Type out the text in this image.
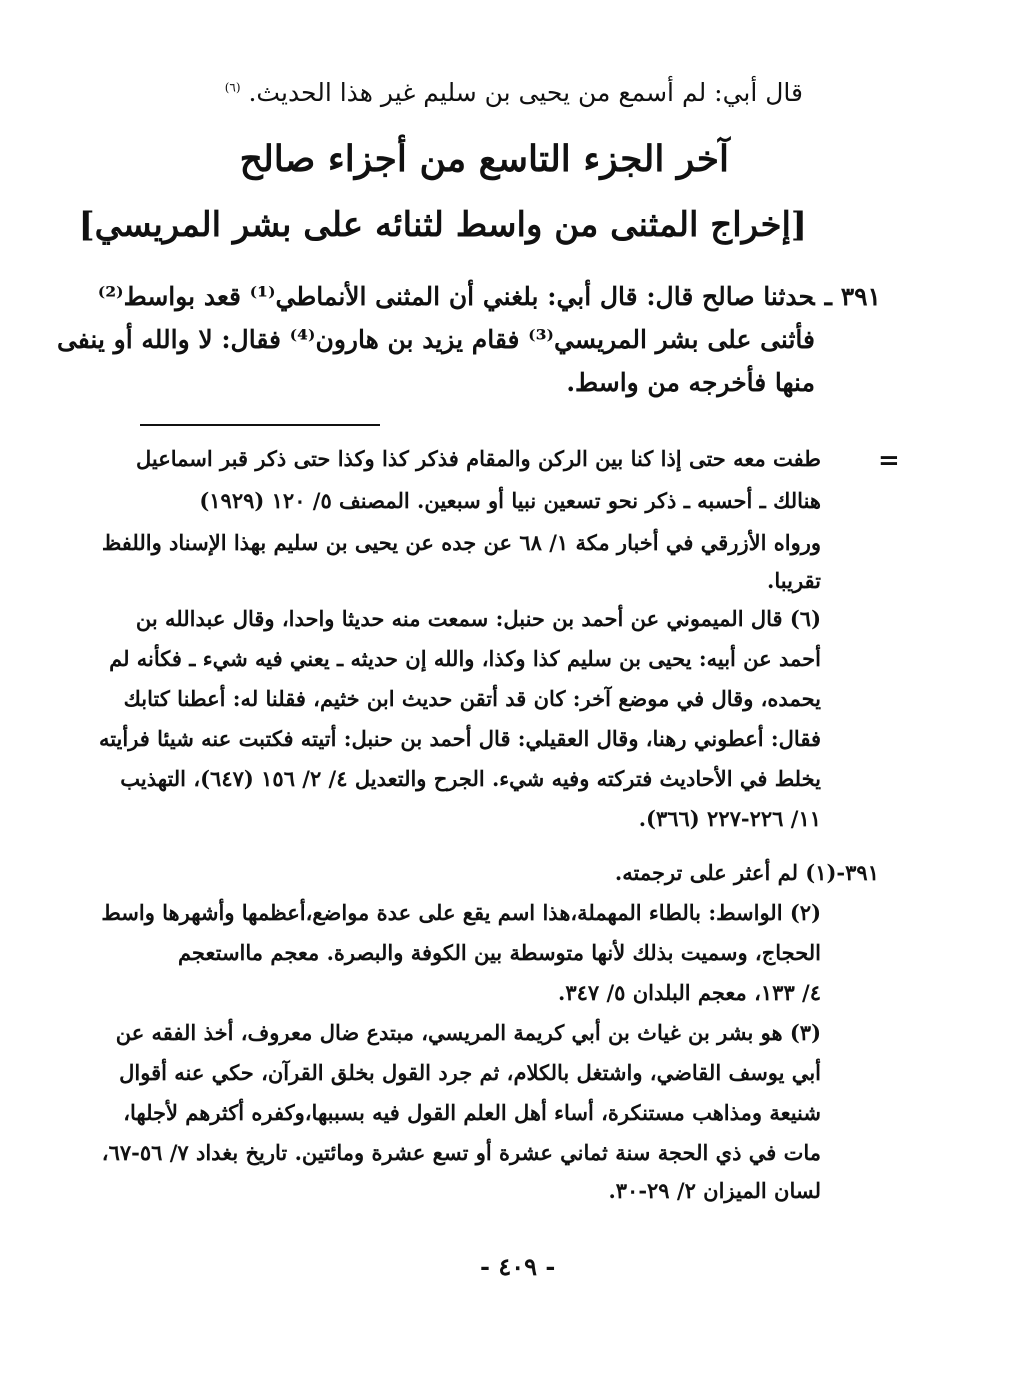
قال أبي: لم أسمع من يحيى بن سليم غير هذا الحديث. $^{(٦)}$
آخر الجزء التاسع من أجزاء صالح
[إخراج المثنى من واسط لثنائه على بشر المريسي]
٣٩١ ـحدثنا صالح قال: قال أبي: بلغني أن المثنى الأنماطي⁽¹⁾ قعد بواسط⁽²⁾
فأثنى على بشر المريسي⁽³⁾ فقام يزيد بن هارون⁽⁴⁾ فقال: لا والله أو ينفى
منها فأخرجه من واسط.
=
طفت معه حتى إذا كنا بين الركن والمقام فذكر كذا وكذا حتى ذكر قبر اسماعيل
هنالك ـ أحسبه ـ ذكر نحو تسعين نبيا أو سبعين. المصنف ٥/ ١٢٠ (١٩٢٩)
ورواه الأزرقي في أخبار مكة ١/ ٦٨ عن جده عن يحيى بن سليم بهذا الإسناد واللفظ
تقريبا.
(٦) قال الميموني عن أحمد بن حنبل: سمعت منه حديثا واحدا، وقال عبدالله بن
أحمد عن أبيه: يحيى بن سليم كذا وكذا، والله إن حديثه ـ يعني فيه شيء ـ فكأنه لم
يحمده، وقال في موضع آخر: كان قد أتقن حديث ابن خثيم، فقلنا له: أعطنا كتابك
فقال: أعطوني رهنا، وقال العقيلي: قال أحمد بن حنبل: أتيته فكتبت عنه شيئا فرأيته
يخلط في الأحاديث فتركته وفيه شيء. الجرح والتعديل ٤/ ٢/ ١٥٦ (٦٤٧)، التهذيب
١١/ ٢٢٦-٢٢٧ (٣٦٦).
٣٩١-(١) لم أعثر على ترجمته.
(٢) الواسط: بالطاء المهملة،هذا اسم يقع على عدة مواضع،أعظمها وأشهرها واسط
الحجاج، وسميت بذلك لأنها متوسطة بين الكوفة والبصرة. معجم مااستعجم
٤/ ١٣٣، معجم البلدان ٥/ ٣٤٧.
(٣) هو بشر بن غياث بن أبي كريمة المريسي، مبتدع ضال معروف، أخذ الفقه عن
أبي يوسف القاضي، واشتغل بالكلام، ثم جرد القول بخلق القرآن، حكي عنه أقوال
شنيعة ومذاهب مستنكرة، أساء أهل العلم القول فيه بسببها،وكفره أكثرهم لأجلها،
مات في ذي الحجة سنة ثماني عشرة أو تسع عشرة ومائتين. تاريخ بغداد ٧/ ٥٦-٦٧،
لسان الميزان ٢/ ٢٩-٣٠.
- ٤٠٩ -
